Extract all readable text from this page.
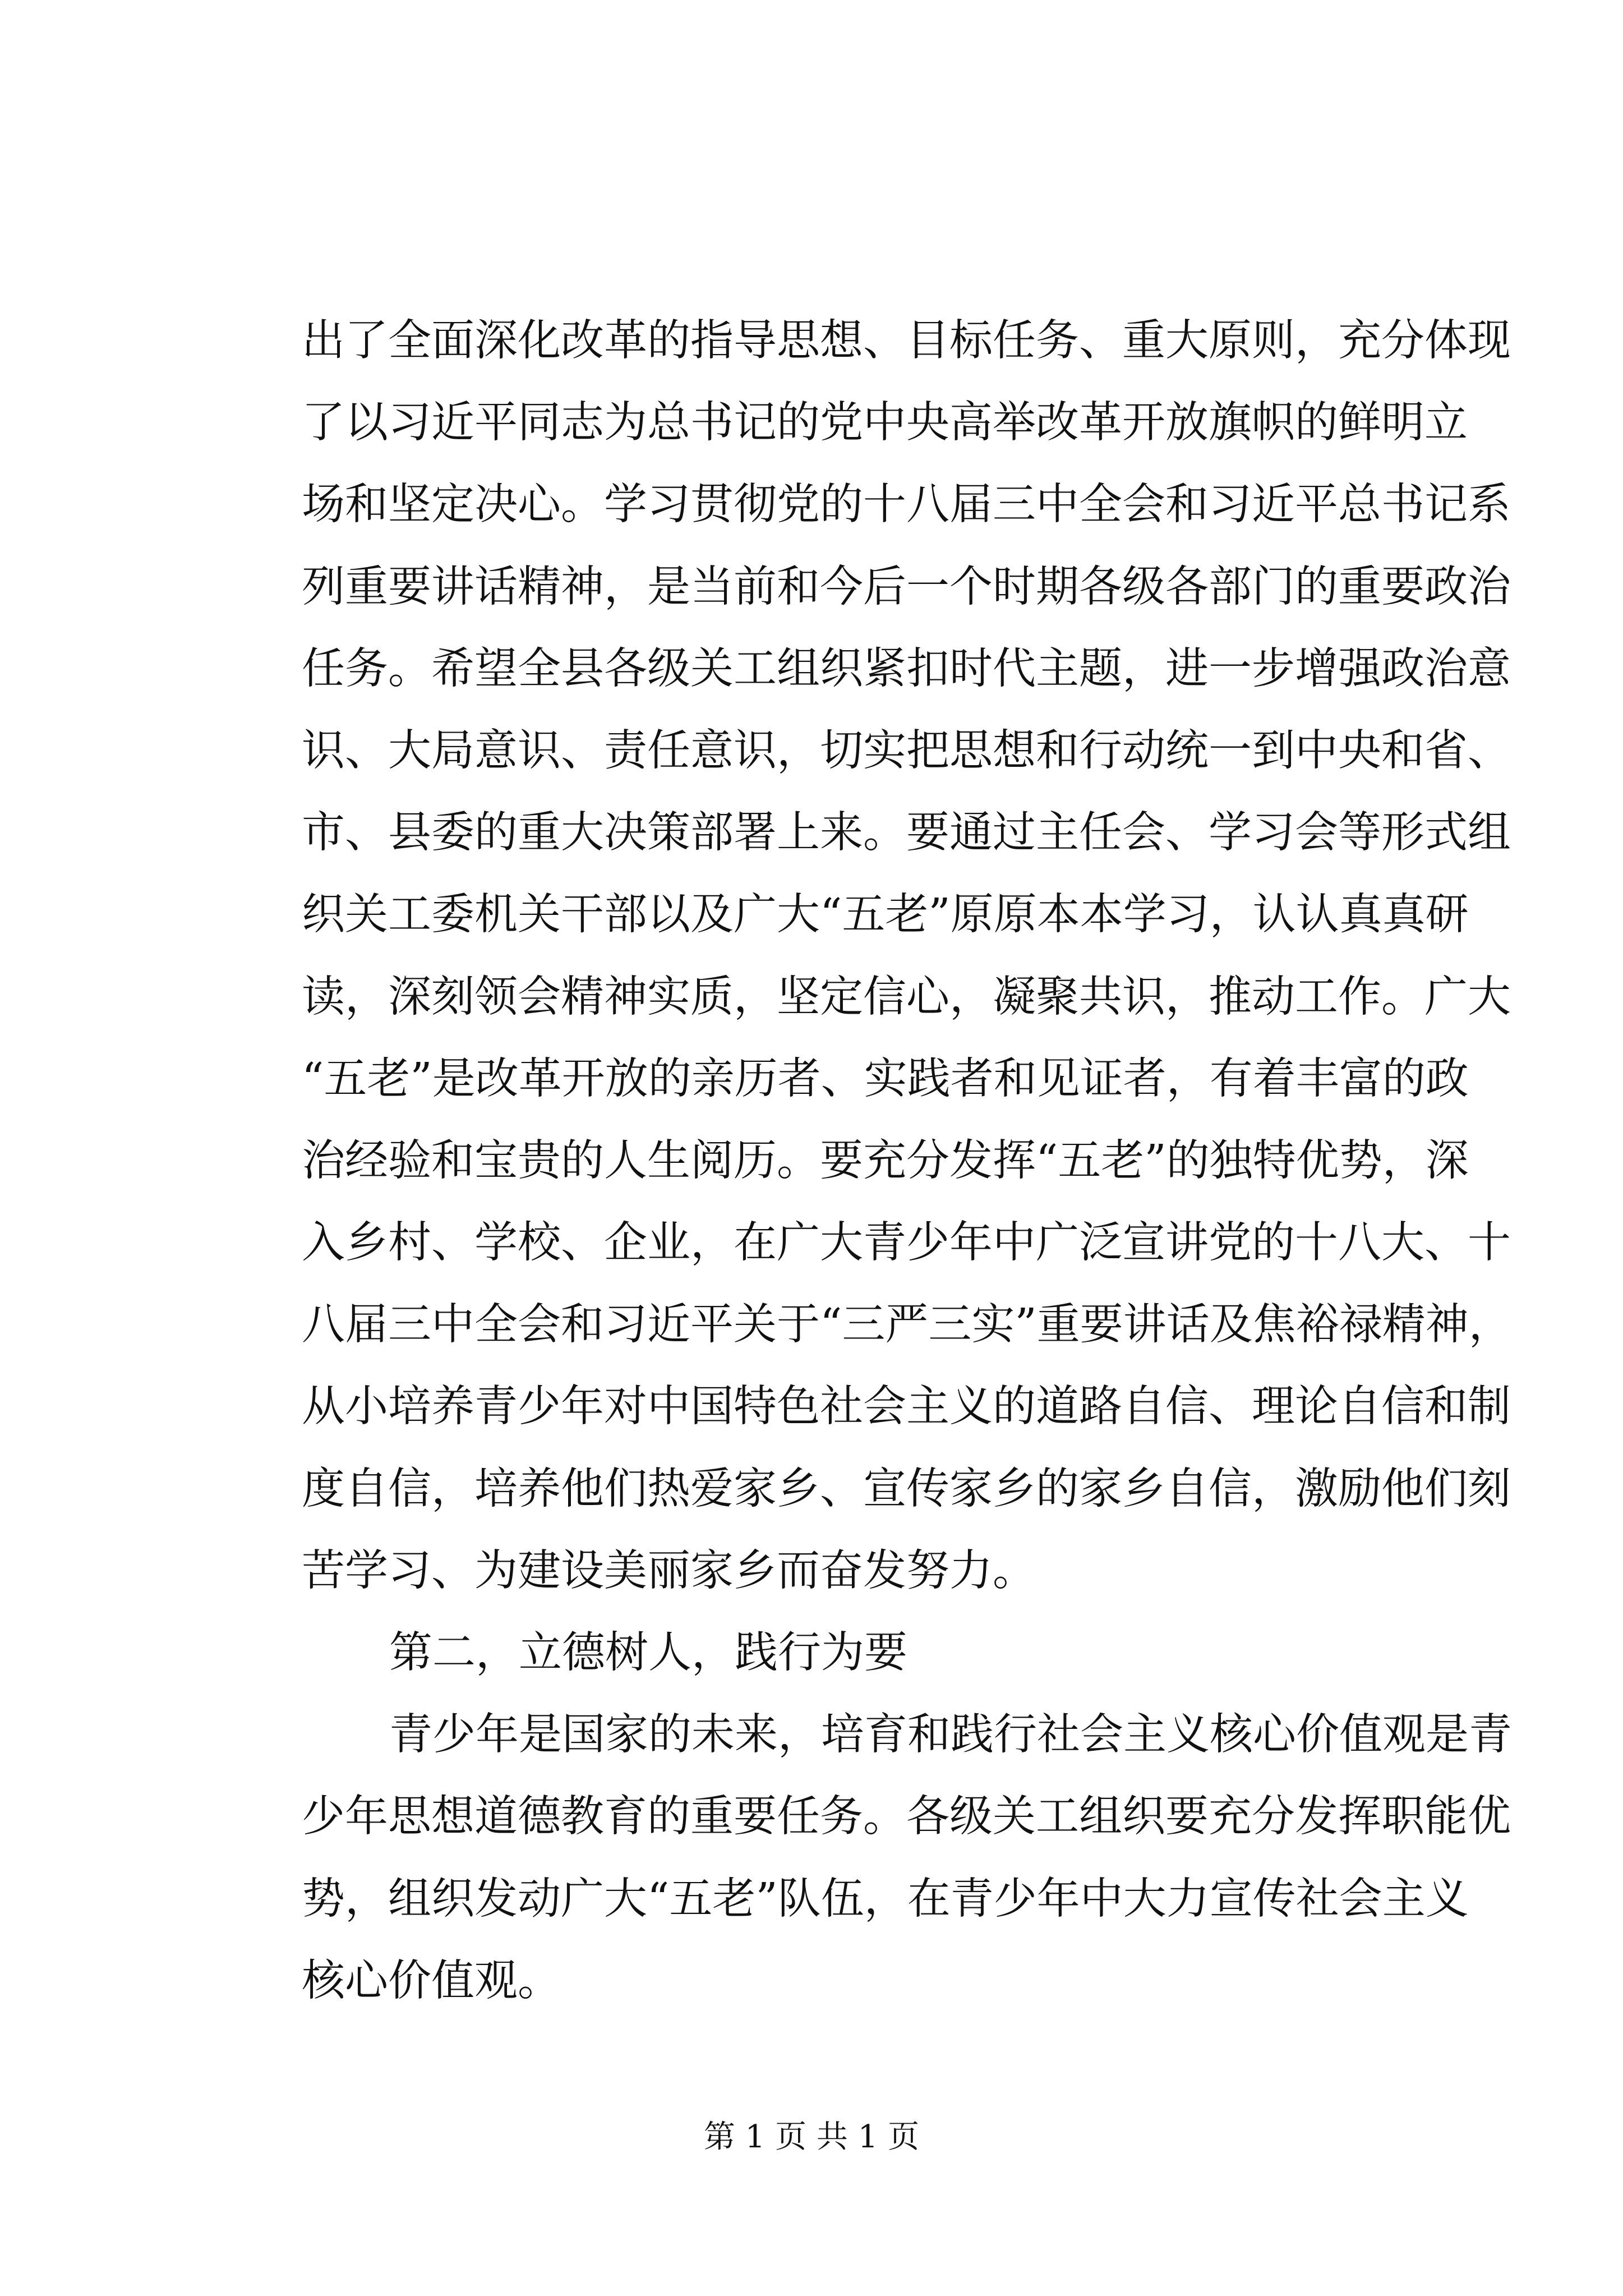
出了全面深化改革的指导思想、目标任务、重大原则，充分体现
了以习近平同志为总书记的党中央高举改革开放旗帜的鲜明立
场和坚定决心。学习贯彻党的十八届三中全会和习近平总书记系
列重要讲话精神，是当前和今后一个时期各级各部门的重要政治
任务。希望全县各级关工组织紧扣时代主题，进一步增强政治意
识、大局意识、责任意识，切实把思想和行动统一到中央和省、
市、县委的重大决策部署上来。要通过主任会、学习会等形式组
织关工委机关干部以及广大“五老”原原本本学习，认认真真研
读，深刻领会精神实质，坚定信心，凝聚共识，推动工作。广大
“五老”是改革开放的亲历者、实践者和见证者，有着丰富的政
治经验和宝贵的人生阅历。要充分发挥“五老”的独特优势，深
入乡村、学校、企业，在广大青少年中广泛宣讲党的十八大、十
八届三中全会和习近平关于“三严三实”重要讲话及焦裕禄精神，
从小培养青少年对中国特色社会主义的道路自信、理论自信和制
度自信，培养他们热爱家乡、宣传家乡的家乡自信，激励他们刻
苦学习、为建设美丽家乡而奋发努力。
第二，立德树人，践行为要
青少年是国家的未来，培育和践行社会主义核心价值观是青
少年思想道德教育的重要任务。各级关工组织要充分发挥职能优
势，组织发动广大“五老”队伍，在青少年中大力宣传社会主义
核心价值观。
第 1 页 共 1 页
